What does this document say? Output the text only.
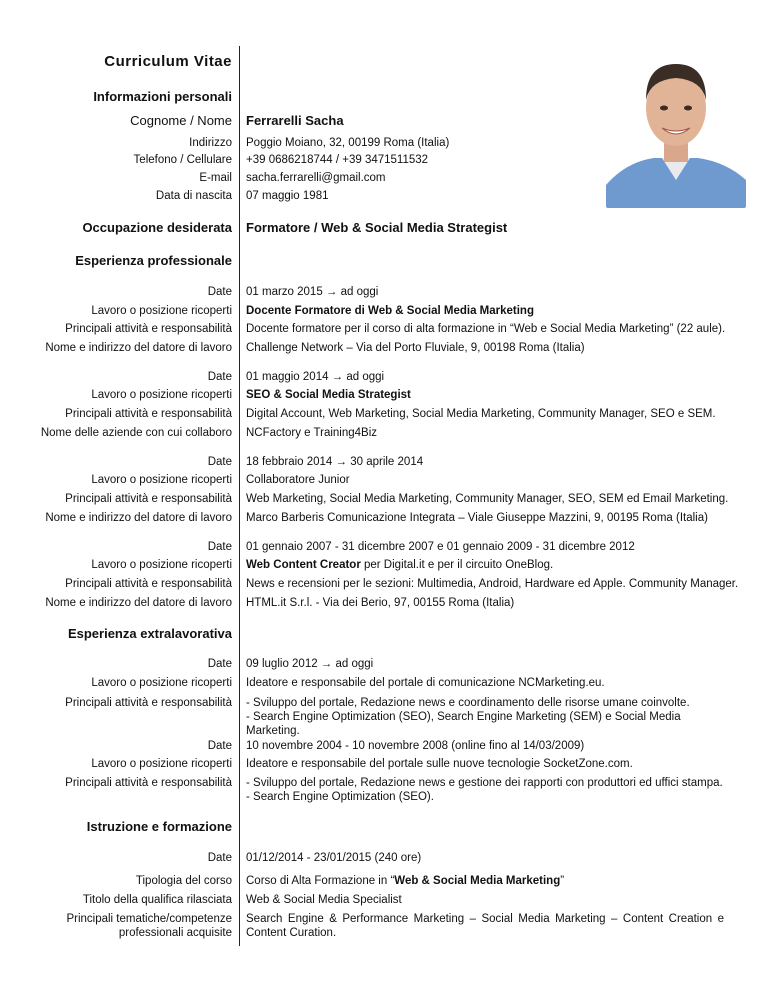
Curriculum Vitae
Informazioni personali
Cognome / Nome Ferrarelli Sacha
Indirizzo Poggio Moiano, 32, 00199 Roma (Italia)
Telefono / Cellulare +39 0686218744 / +39 3471511532
E-mail sacha.ferrarelli@gmail.com
Data di nascita 07 maggio 1981
Occupazione desiderata Formatore / Web & Social Media Strategist
Esperienza professionale
Date 01 marzo 2015 → ad oggi
Lavoro o posizione ricoperti Docente Formatore di Web & Social Media Marketing
Principali attività e responsabilità Docente formatore per il corso di alta formazione in “Web e Social Media Marketing” (22 aule).
Nome e indirizzo del datore di lavoro Challenge Network – Via del Porto Fluviale, 9, 00198 Roma (Italia)
Date 01 maggio 2014 → ad oggi
Lavoro o posizione ricoperti SEO & Social Media Strategist
Principali attività e responsabilità Digital Account, Web Marketing, Social Media Marketing, Community Manager, SEO e SEM.
Nome delle aziende con cui collaboro NCFactory e Training4Biz
Date 18 febbraio 2014 → 30 aprile 2014
Lavoro o posizione ricoperti Collaboratore Junior
Principali attività e responsabilità Web Marketing, Social Media Marketing, Community Manager, SEO, SEM ed Email Marketing.
Nome e indirizzo del datore di lavoro Marco Barberis Comunicazione Integrata – Viale Giuseppe Mazzini, 9, 00195 Roma (Italia)
Date 01 gennaio 2007 - 31 dicembre 2007 e 01 gennaio 2009 - 31 dicembre 2012
Lavoro o posizione ricoperti Web Content Creator per Digital.it e per il circuito OneBlog.
Principali attività e responsabilità News e recensioni per le sezioni: Multimedia, Android, Hardware ed Apple. Community Manager.
Nome e indirizzo del datore di lavoro HTML.it S.r.l. - Via dei Berio, 97, 00155 Roma (Italia)
Esperienza extralavorativa
Date 09 luglio 2012 → ad oggi
Lavoro o posizione ricoperti Ideatore e responsabile del portale di comunicazione NCMarketing.eu.
Principali attività e responsabilità - Sviluppo del portale, Redazione news e coordinamento delle risorse umane coinvolte.
- Search Engine Optimization (SEO), Search Engine Marketing (SEM) e Social Media Marketing.
Date 10 novembre 2004 - 10 novembre 2008 (online fino al 14/03/2009)
Lavoro o posizione ricoperti Ideatore e responsabile del portale sulle nuove tecnologie SocketZone.com.
Principali attività e responsabilità - Sviluppo del portale, Redazione news e gestione dei rapporti con produttori ed uffici stampa.
- Search Engine Optimization (SEO).
Istruzione e formazione
Date 01/12/2014 - 23/01/2015 (240 ore)
Tipologia del corso Corso di Alta Formazione in “Web & Social Media Marketing”
Titolo della qualifica rilasciata Web & Social Media Specialist
Principali tematiche/competenze professionali acquisite
Search Engine & Performance Marketing – Social Media Marketing – Content Creation e Content Curation.
